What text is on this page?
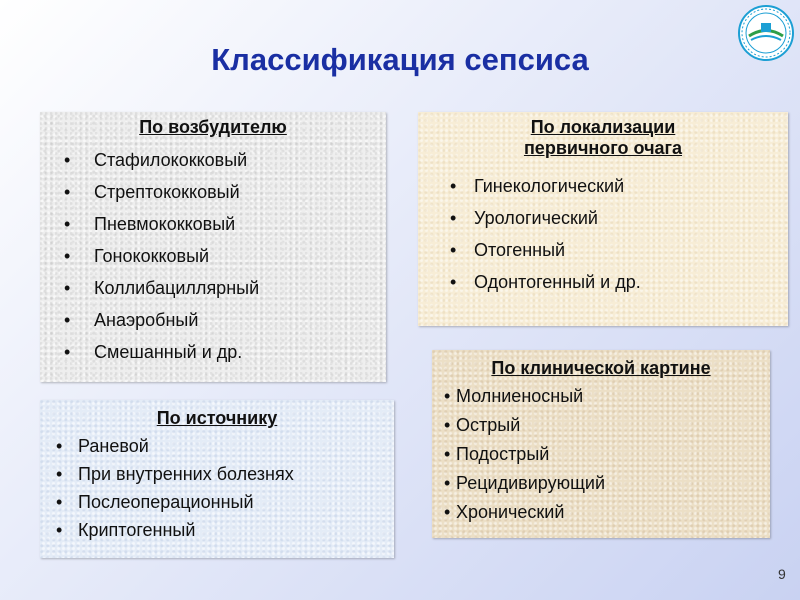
Классификация сепсиса
По возбудителю
• Стафилококковый
• Стрептококковый
• Пневмококковый
• Гонококковый
• Коллибациллярный
• Анаэробный
• Смешанный и др.
По локализации
первичного очага
• Гинекологический
• Урологический
• Отогенный
• Одонтогенный и др.
По источнику
• Раневой
• При внутренних болезнях
• Послеоперационный
• Криптогенный
По клинической картине
• Молниеносный
• Острый
• Подострый
• Рецидивирующий
• Хронический
9
